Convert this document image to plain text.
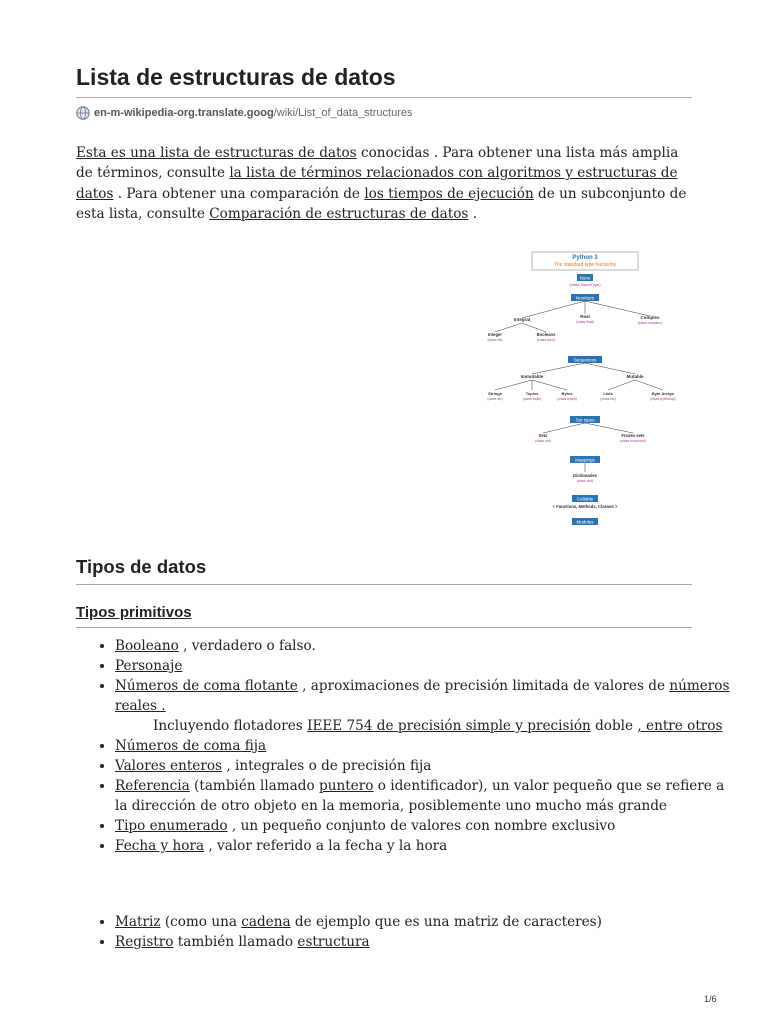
Lista de estructuras de datos
en-m-wikipedia-org.translate.goog /wiki/List_of_data_structures

Esta es una lista de estructuras de datos conocidas . Para obtener una lista más amplia de términos, consulte la lista de términos relacionados con algoritmos y estructuras de datos . Para obtener una comparación de los tiempos de ejecución de un subconjunto de esta lista, consulte Comparación de estructuras de datos .

Python 3
The standard type hierarchy
None
(class NoneType)
Numbers
Integral
Real
(class float)
Complex
(class complex)
Integer
(class int)
Booleans
(class bool)
Sequences
Immutable	Mutable
Strings
(class str)
Tuples
(class tuple)
Bytes
(class bytes)
Lists
(class list)
Byte Arrays
(class bytearray)
Set types
Sets
(class set)
Frozen sets
(class frozenset)
Mappings
Dictionaries
(class dict)
Callable
< Functions, Methods, Classes >
Modules
Tipos de datos
Tipos primitivos
• Booleano , verdadero o falso.
• Personaje
• Números de coma flotante , aproximaciones de precisión limitada de valores de números reales .
Incluyendo flotadores IEEE 754 de precisión simple y precisión doble , entre otros
• Números de coma fija
• Valores enteros , integrales o de precisión fija
• Referencia (también llamado puntero o identificador), un valor pequeño que se refiere a la dirección de otro objeto en la memoria, posiblemente uno mucho más grande
• Tipo enumerado , un pequeño conjunto de valores con nombre exclusivo
• Fecha y hora , valor referido a la fecha y la hora
• Matriz (como una cadena de ejemplo que es una matriz de caracteres)
• Registro también llamado estructura
1/6
